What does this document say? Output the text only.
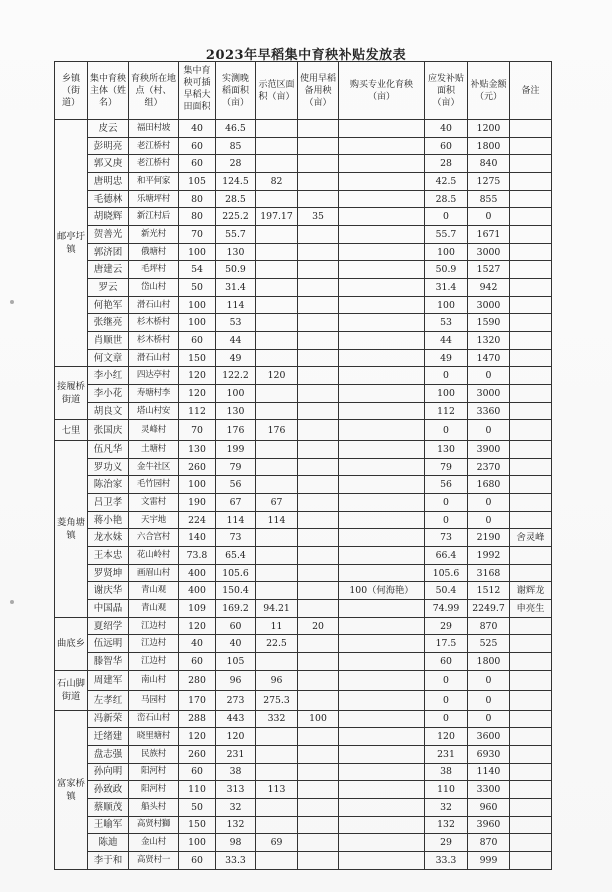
2023年早稻集中育秧补贴发放表
乡镇（街道）	集中育秧主体（姓名）	育秧所在地点（村、组）	集中育秧可插早稻大田面积	实测晚稻面积（亩）	示范区面积（亩）	使用早稻备用秧（亩）	购买专业化育秧（亩）	应发补贴面积（亩）	补贴金额（元）	备注
邮亭圩镇	皮云	福田村坡	40	46.5				40	1200	
	彭明亮	老江桥村	60	85				60	1800	
	郭又庚	老江桥村	60	28				28	840	
	唐明忠	和平何家	105	124.5	82			42.5	1275	
	毛德林	乐塘坪村	80	28.5				28.5	855	
	胡晓辉	新江村后	80	225.2	197.17	35		0	0	
	贺善光	新光村	70	55.7				55.7	1671	
	郭济团	俄塘村	100	130				100	3000	
	唐建云	毛坪村	54	50.9				50.9	1527	
	罗云	岱山村	50	31.4				31.4	942	
	何艳军	滑石山村	100	114				100	3000	
	张继亮	杉木桥村	100	53				53	1590	
	肖顺世	杉木桥村	60	44				44	1320	
	何文章	滑石山村	150	49				49	1470	
接履桥街道	李小红	四达亭村	120	122.2	120			0	0	
	李小花	寿塘村李	120	100				100	3000	
	胡良文	塔山村安	112	130				112	3360	
七里	张国庆	灵峰村	70	176	176			0	0	
菱角塘镇	伍凡华	土塘村	130	199				130	3900	
	罗功义	金牛社区	260	79				79	2370	
	陈治家	毛竹园村	100	56				56	1680	
	吕卫孝	文雷村	190	67	67			0	0	
	蒋小艳	天宇地	224	114	114			0	0	
	龙水妹	六合宫村	140	73				73	2190	舍灵峰
	王本忠	花山岭村	73.8	65.4				66.4	1992	
	罗贤坤	画眉山村	400	105.6				105.6	3168	
	谢庆华	青山观	400	150.4			100（何海艳）	50.4	1512	谢辉龙
	中国晶	青山观	109	169.2	94.21			74.99	2249.7	申亮生
曲底乡	夏绍学	江边村	120	60	11	20		29	870	
	伍远明	江边村	40	40	22.5			17.5	525	
	滕智华	江边村	60	105				60	1800	
石山脚街道	周建军	南山村	280	96	96			0	0	
	左孝红	马园村	170	273	275.3			0	0	
富家桥镇	冯新荣	峦石山村	288	443	332	100		0	0	
	迁绪建	晓里塘村	120	120				120	3600	
	盘志强	民族村	260	231				231	6930	
	孙向明	阳河村	60	38				38	1140	
	孙致政	阳河村	110	313	113			110	3300	
	蔡顺茂	船头村	50	32				32	960	
	王喻军	高贤村獅	150	132				132	3960	
	陈迪	金山村	100	98	69			29	870	
	李于和	高贤村一	60	33.3				33.3	999	
